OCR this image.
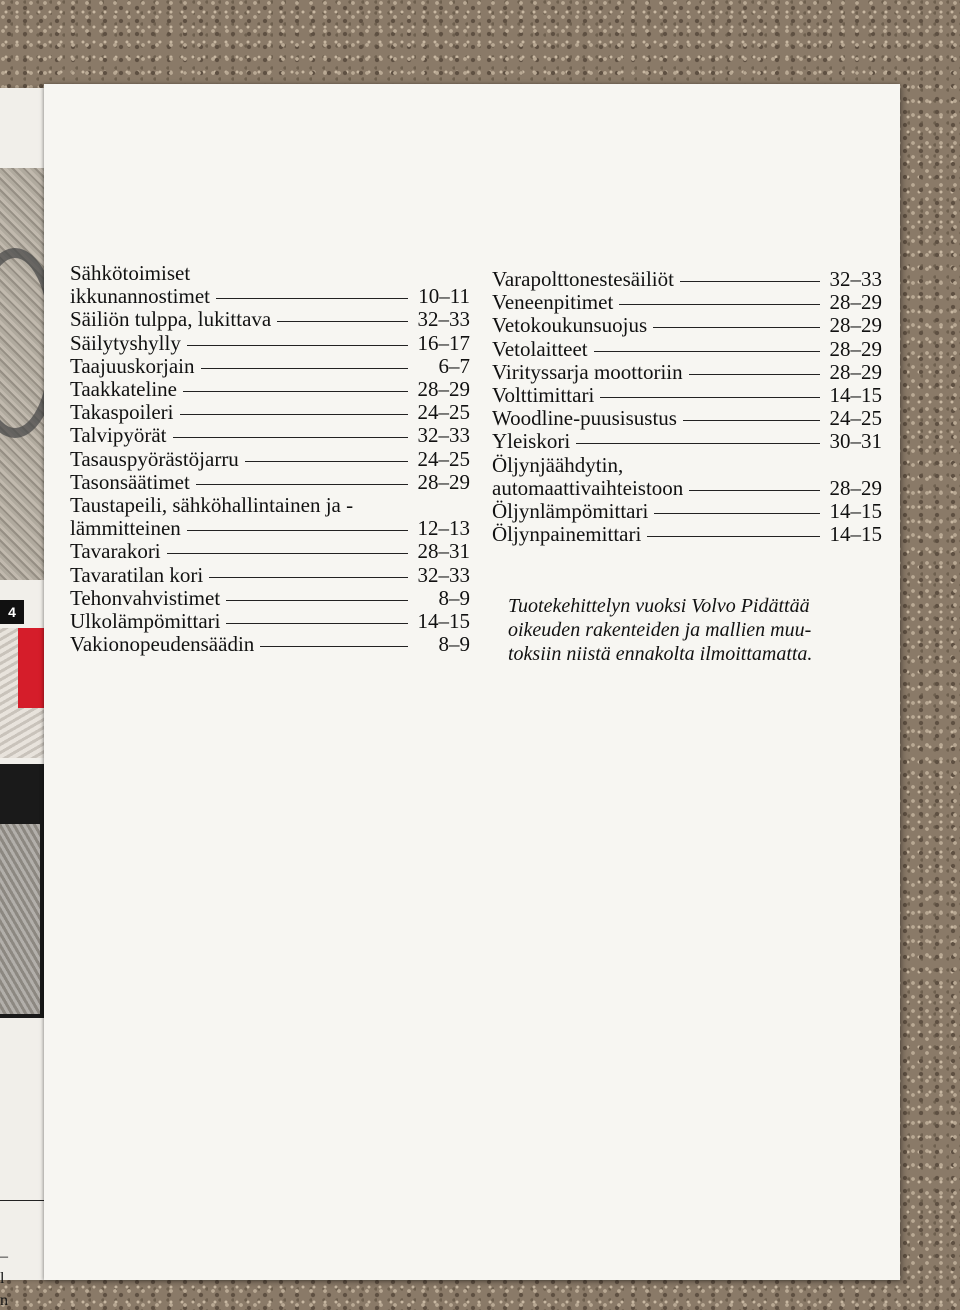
4
–
l
n
Sähkötoimiset
ikkunannostimet	10–11
Säiliön tulppa, lukittava	32–33
Säilytyshylly	16–17
Taajuuskorjain	6–7
Taakkateline	28–29
Takaspoileri	24–25
Talvipyörät	32–33
Tasauspyörästöjarru	24–25
Tasonsäätimet	28–29
Taustapeili, sähköhallintainen ja -
lämmitteinen	12–13
Tavarakori	28–31
Tavaratilan kori	32–33
Tehonvahvistimet	8–9
Ulkolämpömittari	14–15
Vakionopeudensäädin	8–9
Varapolttonestesäiliöt	32–33
Veneenpitimet	28–29
Vetokoukunsuojus	28–29
Vetolaitteet	28–29
Virityssarja moottoriin	28–29
Volttimittari	14–15
Woodline-puusisustus	24–25
Yleiskori	30–31
Öljynjäähdytin,
automaattivaihteistoon	28–29
Öljynlämpömittari	14–15
Öljynpainemittari	14–15
Tuotekehittelyn vuoksi Volvo Pidättää
oikeuden rakenteiden ja mallien muu-
toksiin niistä ennakolta ilmoittamatta.
